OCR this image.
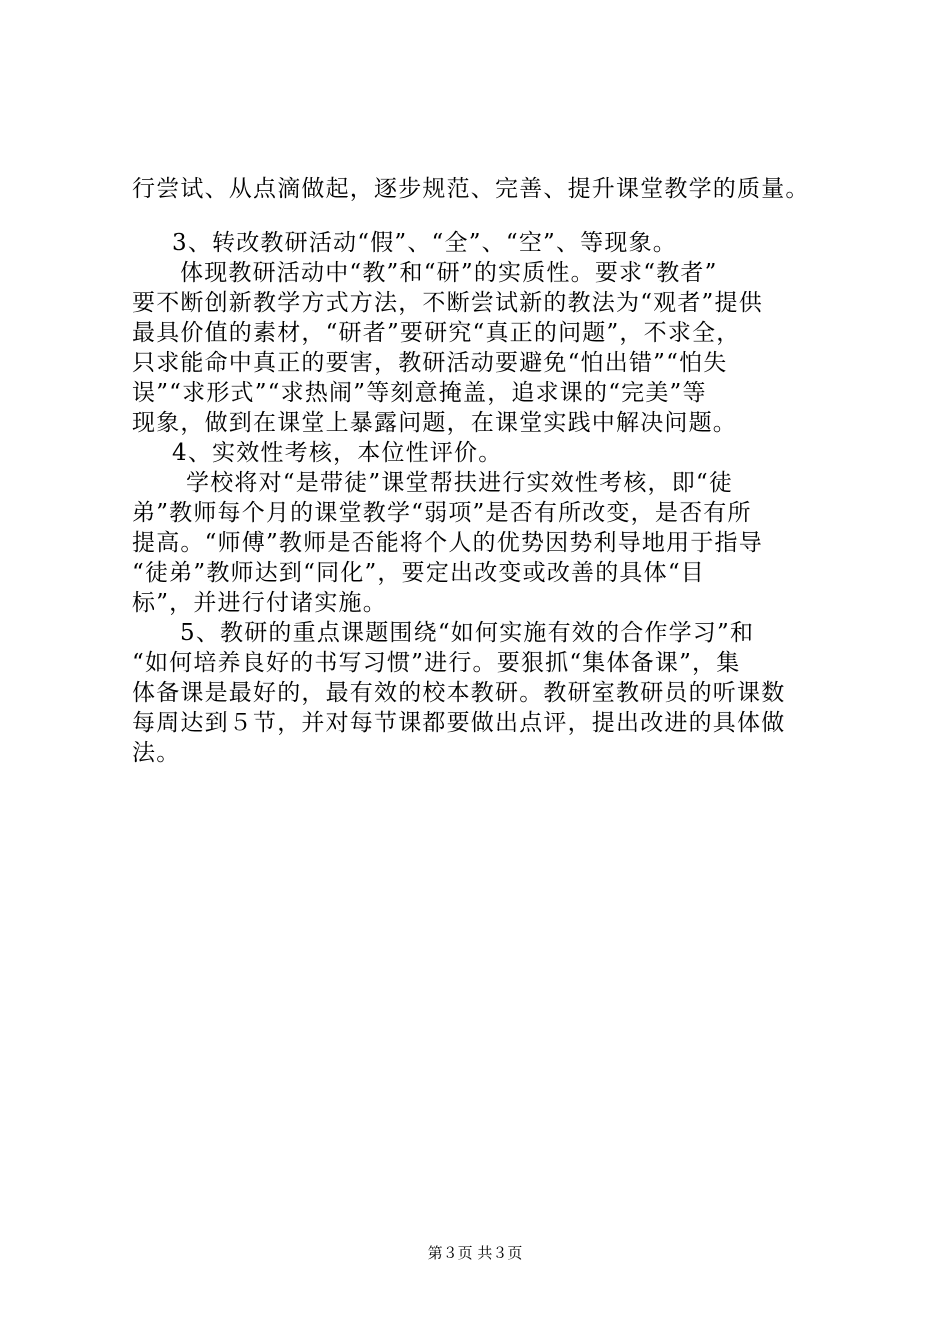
行尝试、从点滴做起，逐步规范、完善、提升课堂教学的质量。
3、转改教研活动“假”、“全”、“空”、等现象。
体现教研活动中“教”和“研”的实质性。要求“教者”
要不断创新教学方式方法，不断尝试新的教法为“观者”提供
最具价值的素材，“研者”要研究“真正的问题”，不求全，
只求能命中真正的要害，教研活动要避免“怕出错”“怕失
误”“求形式”“求热闹”等刻意掩盖，追求课的“完美”等
现象，做到在课堂上暴露问题，在课堂实践中解决问题。
4、实效性考核，本位性评价。
学校将对“是带徒”课堂帮扶进行实效性考核，即“徒
弟”教师每个月的课堂教学“弱项”是否有所改变，是否有所
提高。“师傅”教师是否能将个人的优势因势利导地用于指导
“徒弟”教师达到“同化”，要定出改变或改善的具体“目
标”，并进行付诸实施。
5、教研的重点课题围绕“如何实施有效的合作学习”和
“如何培养良好的书写习惯”进行。要狠抓“集体备课”，集
体备课是最好的，最有效的校本教研。教研室教研员的听课数
每周达到５节，并对每节课都要做出点评，提出改进的具体做
法。
第３页 共３页
